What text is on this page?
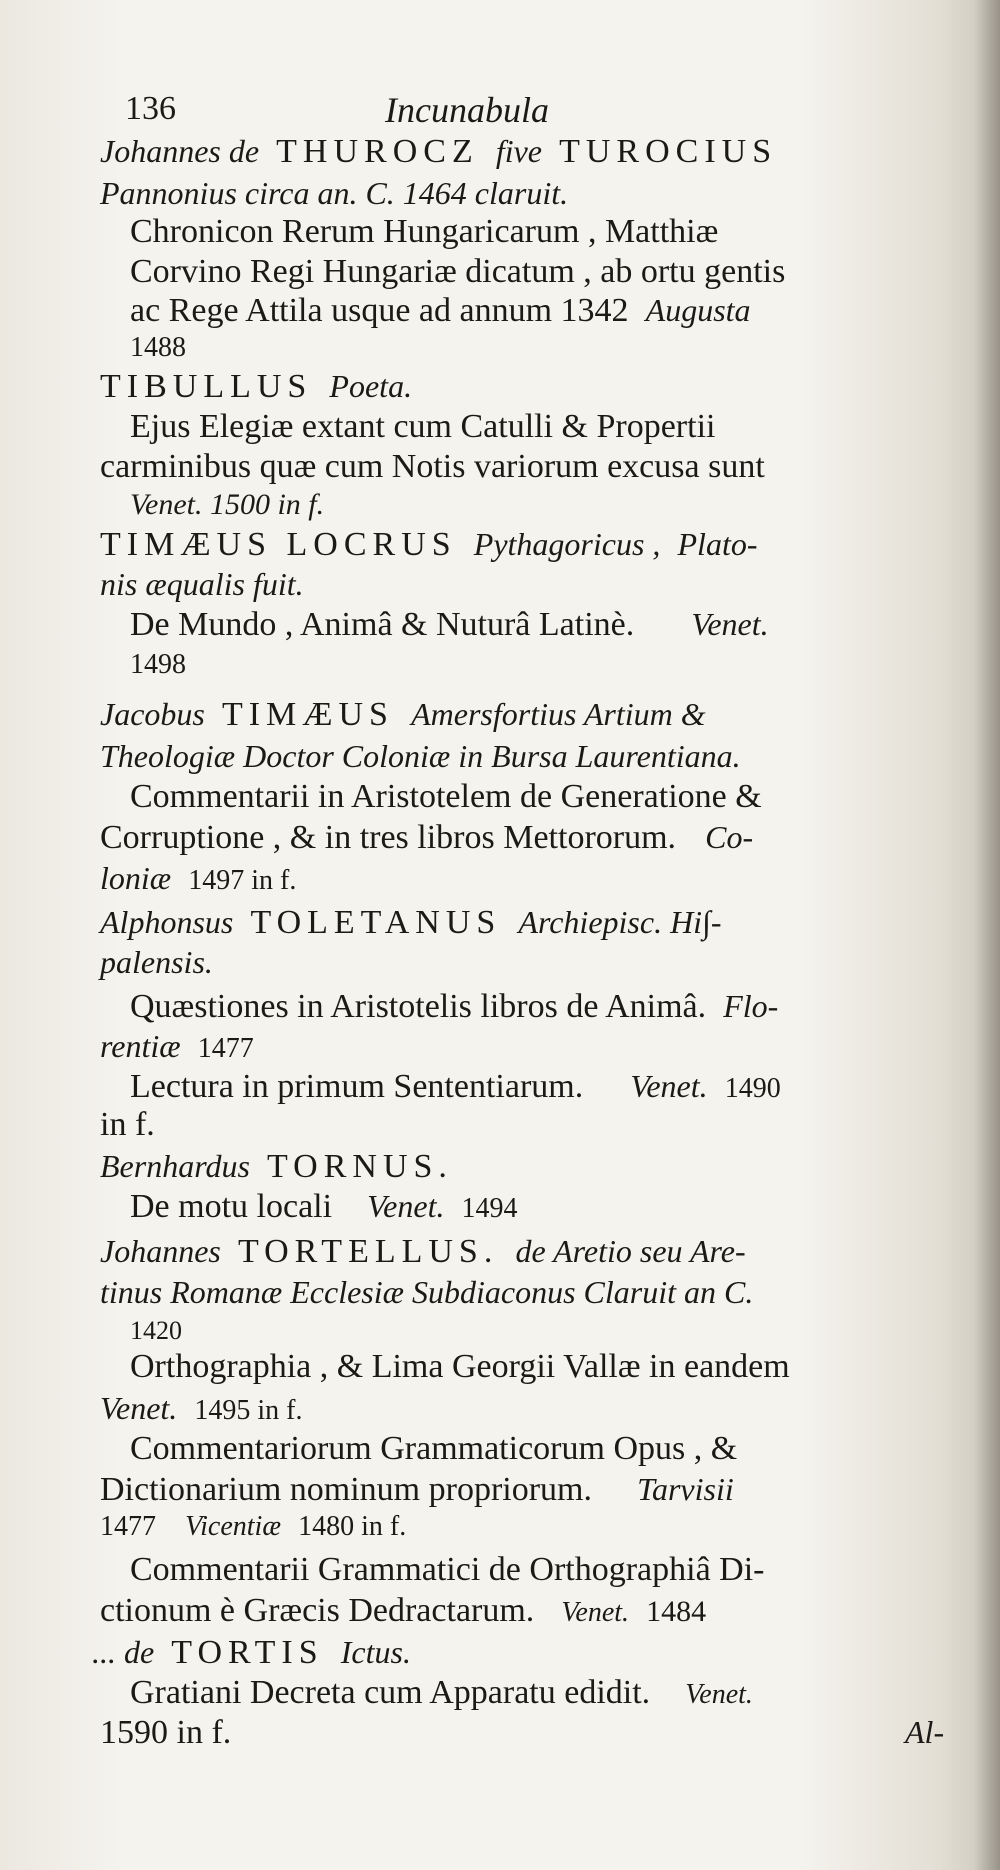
136	Incunabula
Johannes de THUROCZ five TUROCIUS
Pannonius circa an. C. 1464 claruit.
Chronicon Rerum Hungaricarum , Matthiæ
Corvino Regi Hungariæ dicatum , ab ortu gentis
ac Rege Attila usque ad annum 1342 Augusta
1488
TIBULLUS Poeta.
Ejus Elegiæ extant cum Catulli & Propertii
carminibus quæ cum Notis variorum excusa sunt
Venet. 1500 in f.
TIMÆUS LOCRUS Pythagoricus , Plato-
nis æqualis fuit.
De Mundo , Animâ & Nuturâ Latinè. Venet.
1498
Jacobus TIMÆUS Amersfortius Artium &
Theologiæ Doctor Coloniæ in Bursa Laurentiana.
Commentarii in Aristotelem de Generatione &
Corruptione , & in tres libros Mettororum. Co-
loniæ 1497 in f.
Alphonsus TOLETANUS Archiepisc. Hi∫-
palensis.
Quæstiones in Aristotelis libros de Animâ. Flo-
rentiæ 1477
Lectura in primum Sententiarum. Venet. 1490
in f.
Bernhardus TORNUS.
De motu locali Venet. 1494
Johannes TORTELLUS. de Aretio seu Are-
tinus Romanæ Ecclesiæ Subdiaconus Claruit an C.
1420
Orthographia , & Lima Georgii Vallæ in eandem
Venet. 1495 in f.
Commentariorum Grammaticorum Opus , &
Dictionarium nominum propriorum. Tarvisii
1477 Vicentiæ 1480 in f.
Commentarii Grammatici de Orthographiâ Di-
ctionum è Græcis Dedractarum. Venet. 1484
... de TORTIS Ictus.
Gratiani Decreta cum Apparatu edidit. Venet.
1590 in f.	Al-
